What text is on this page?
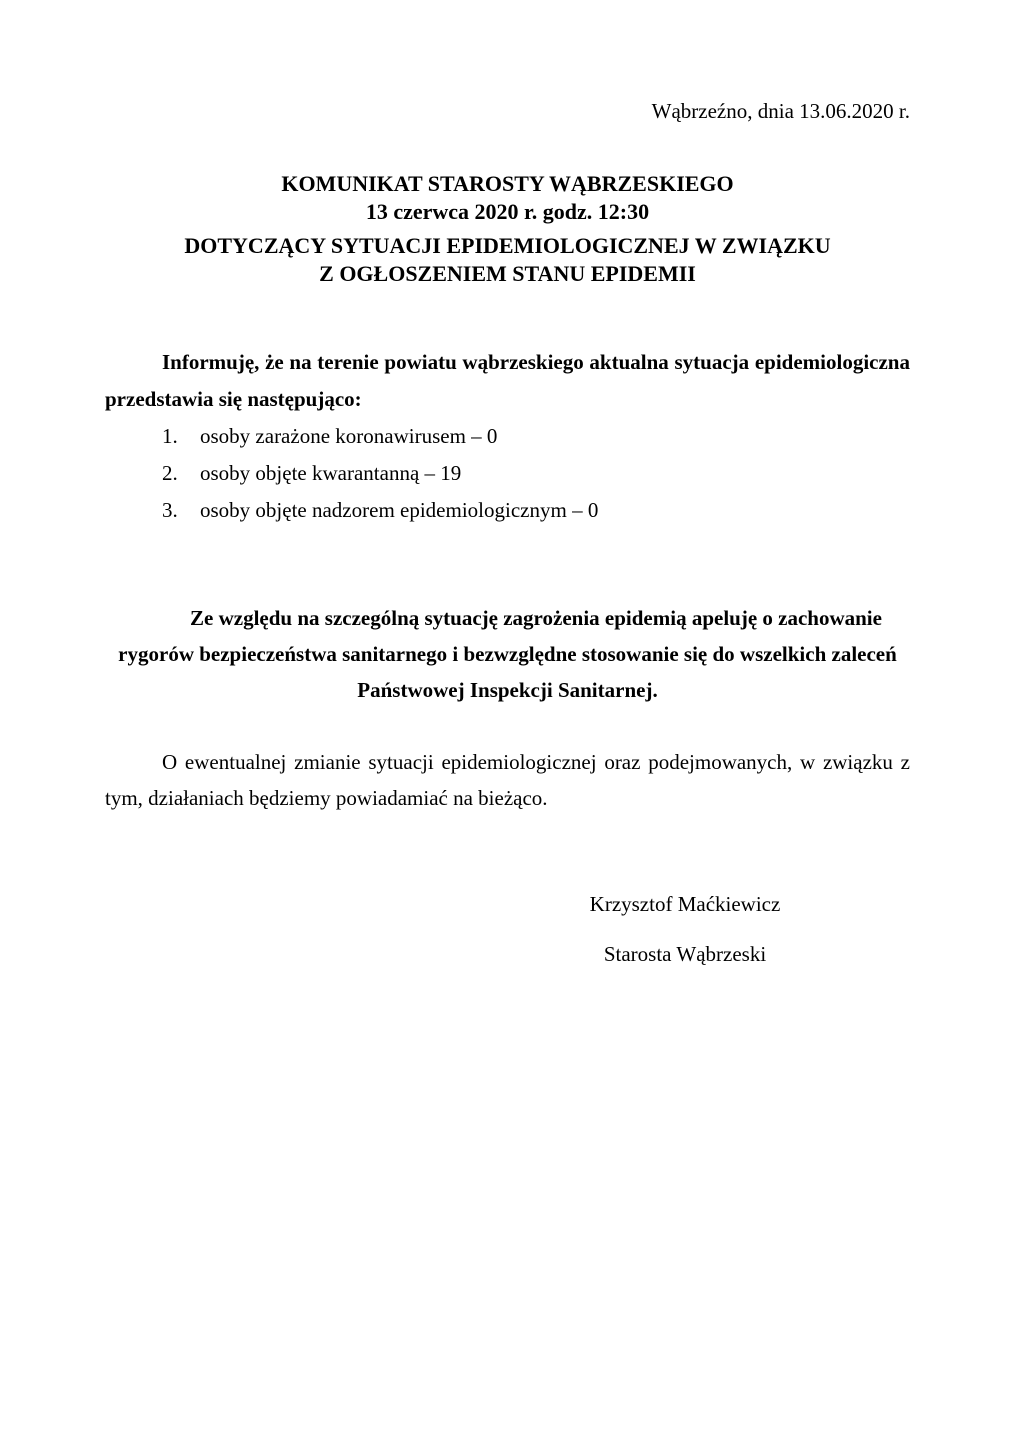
Wąbrzeźno, dnia 13.06.2020 r.
KOMUNIKAT STAROSTY WĄBRZESKIEGO
13 czerwca 2020 r. godz. 12:30
DOTYCZĄCY SYTUACJI EPIDEMIOLOGICZNEJ W ZWIĄZKU
Z OGŁOSZENIEM STANU EPIDEMII

Informuję, że na terenie powiatu wąbrzeskiego aktualna sytuacja epidemiologiczna przedstawia się następująco:

1. osoby zarażone koronawirusem – 0
2. osoby objęte kwarantanną – 19
3. osoby objęte nadzorem epidemiologicznym – 0

Ze względu na szczególną sytuację zagrożenia epidemią apeluję o zachowanie rygorów bezpieczeństwa sanitarnego i bezwzględne stosowanie się do wszelkich zaleceń Państwowej Inspekcji Sanitarnej.

O ewentualnej zmianie sytuacji epidemiologicznej oraz podejmowanych, w związku z tym, działaniach będziemy powiadamiać na bieżąco.

Krzysztof Maćkiewicz
Starosta Wąbrzeski
